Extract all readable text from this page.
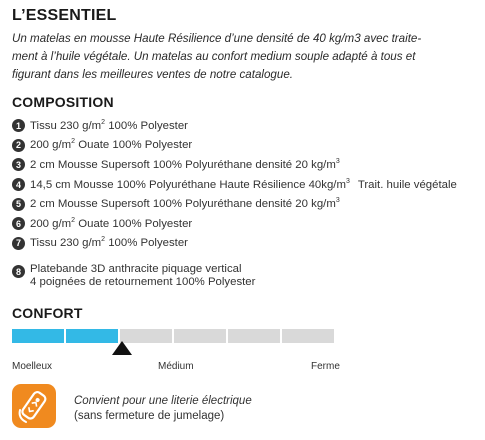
L’ESSENTIEL
Un matelas en mousse Haute Résilience d’une densité de 40 kg/m3 avec traite-
ment à l’huile végétale. Un matelas au confort medium souple adapté à tous et
figurant dans les meilleures ventes de notre catalogue.
COMPOSITION
1 Tissu 230 $g/m^2$ 100% Polyester
2 200 $g/m^2$ Ouate 100% Polyester
3 2 cm Mousse Supersoft 100% Polyuréthane densité 20 $kg/m^3$
4 14,5 cm Mousse 100% Polyuréthane Haute Résilience $40kg/m^3$ Trait. huile végétale
5 2 cm Mousse Supersoft 100% Polyuréthane densité 20 $kg/m^3$
6 200 $g/m^2$ Ouate 100% Polyester
7 Tissu 230 $g/m^2$ 100% Polyester
8 Platebande 3D anthracite piquage vertical
4 poignées de retournement 100% Polyester
CONFORT
Moelleux	Médium	Ferme
Convient pour une literie électrique
(sans fermeture de jumelage)
